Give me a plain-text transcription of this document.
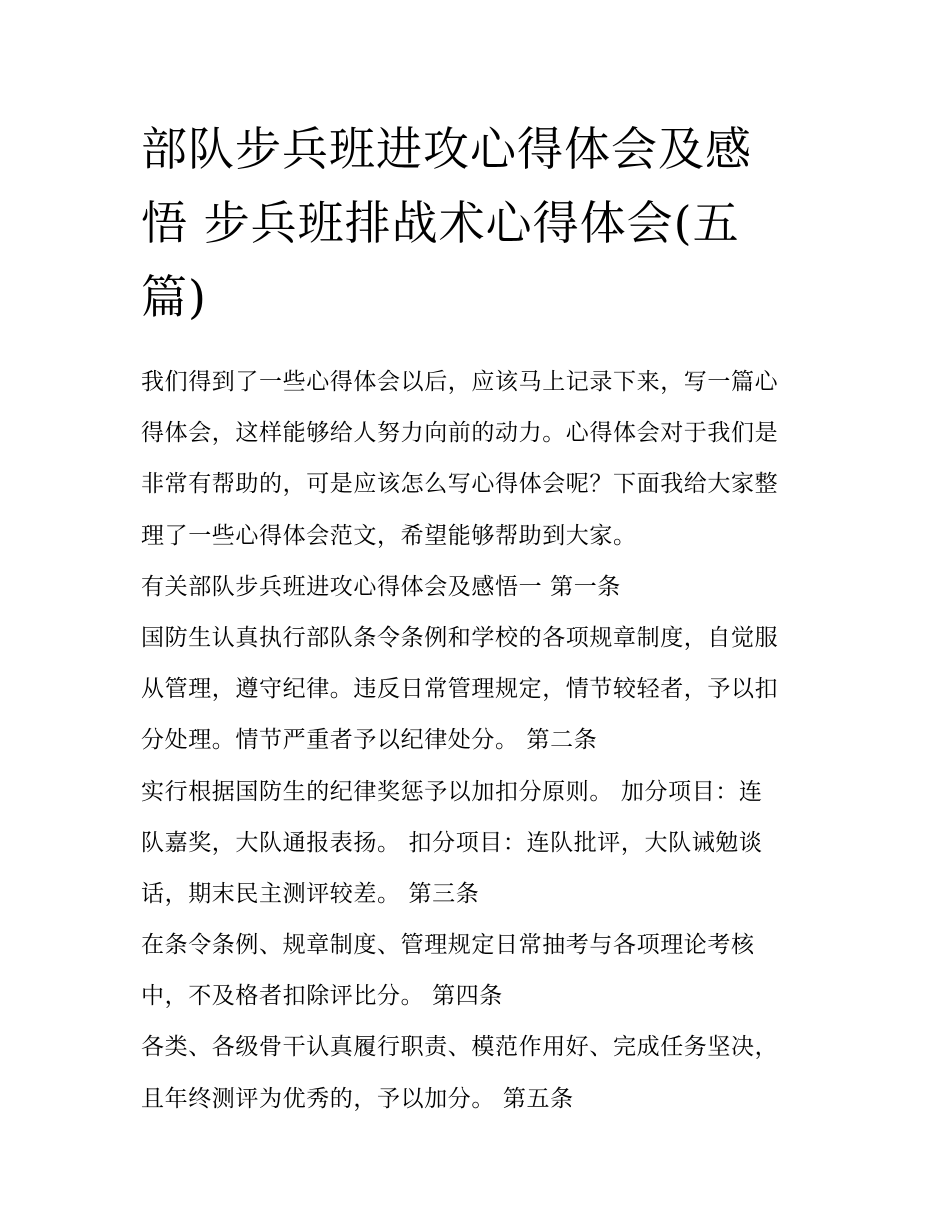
部队步兵班进攻心得体会及感
悟 步兵班排战术心得体会(五
篇)
我们得到了一些心得体会以后，应该马上记录下来，写一篇心
得体会，这样能够给人努力向前的动力。心得体会对于我们是
非常有帮助的，可是应该怎么写心得体会呢？下面我给大家整
理了一些心得体会范文，希望能够帮助到大家。
有关部队步兵班进攻心得体会及感悟一 第一条
国防生认真执行部队条令条例和学校的各项规章制度，自觉服
从管理，遵守纪律。违反日常管理规定，情节较轻者，予以扣
分处理。情节严重者予以纪律处分。 第二条
实行根据国防生的纪律奖惩予以加扣分原则。 加分项目：连
队嘉奖，大队通报表扬。 扣分项目：连队批评，大队诫勉谈
话，期末民主测评较差。 第三条
在条令条例、规章制度、管理规定日常抽考与各项理论考核
中，不及格者扣除评比分。 第四条
各类、各级骨干认真履行职责、模范作用好、完成任务坚决，
且年终测评为优秀的，予以加分。 第五条
